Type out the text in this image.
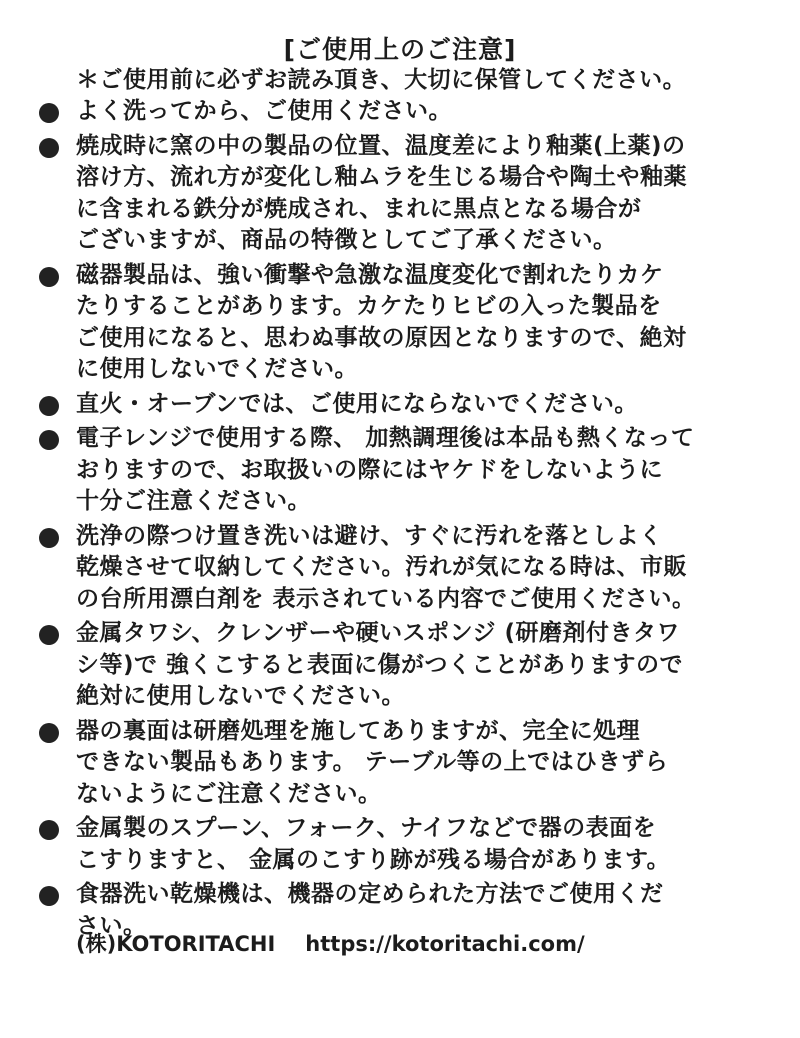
[ご使用上のご注意]
＊ご使用前に必ずお読み頂き、大切に保管してください。
よく洗ってから、ご使用ください。
焼成時に窯の中の製品の位置、温度差により釉薬(上薬)の
溶け方、流れ方が変化し釉ムラを生じる場合や陶土や釉薬
に含まれる鉄分が焼成され、まれに黒点となる場合が
ございますが、商品の特徴としてご了承ください。
磁器製品は、強い衝撃や急激な温度変化で割れたりカケ
たりすることがあります。カケたりヒビの入った製品を
ご使用になると、思わぬ事故の原因となりますので、絶対
に使用しないでください。
直火・オーブンでは、ご使用にならないでください。
電子レンジで使用する際、 加熱調理後は本品も熱くなって
おりますので、お取扱いの際にはヤケドをしないように
十分ご注意ください。
洗浄の際つけ置き洗いは避け、すぐに汚れを落としよく
乾燥させて収納してください。汚れが気になる時は、市販
の台所用漂白剤を 表示されている内容でご使用ください。
金属タワシ、クレンザーや硬いスポンジ (研磨剤付きタワ
シ等)で 強くこすると表面に傷がつくことがありますので
絶対に使用しないでください。
器の裏面は研磨処理を施してありますが、完全に処理
できない製品もあります。 テーブル等の上ではひきずら
ないようにご注意ください。
金属製のスプーン、フォーク、ナイフなどで器の表面を
こすりますと、 金属のこすり跡が残る場合があります。
食器洗い乾燥機は、機器の定められた方法でご使用くだ
さい。
(株)KOTORITACHI https://kotoritachi.com/
